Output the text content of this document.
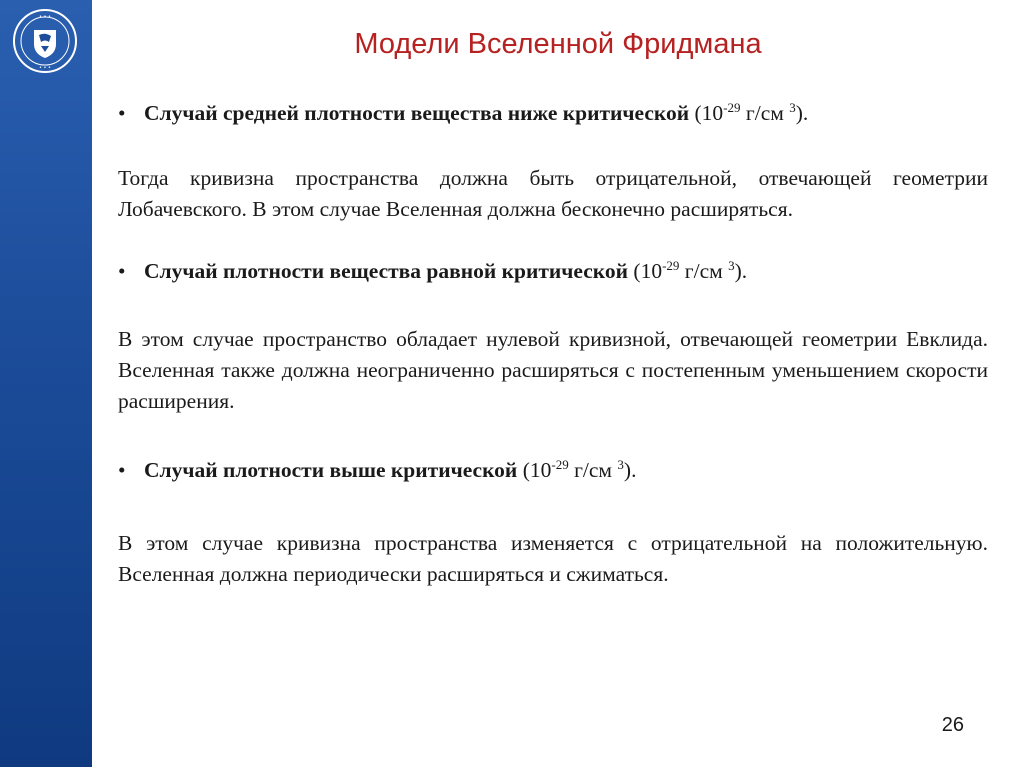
• • •
• • •
Модели Вселенной Фридмана

• Случай средней плотности вещества ниже критической ($10^{-29}$ г/см $^3$).

Тогда кривизна пространства должна быть отрицательной, отвечающей геометрии Лобачевского. В этом случае Вселенная должна бесконечно расширяться.

• Случай плотности вещества равной критической ($10^{-29}$ г/см $^3$).

В этом случае пространство обладает нулевой кривизной, отвечающей геометрии Евклида. Вселенная также должна неограниченно расширяться с постепенным уменьшением скорости расширения.

• Случай плотности выше критической ($10^{-29}$ г/см $^3$).

В этом случае кривизна пространства изменяется с отрицательной на положительную. Вселенная должна периодически расширяться и сжиматься.

26
